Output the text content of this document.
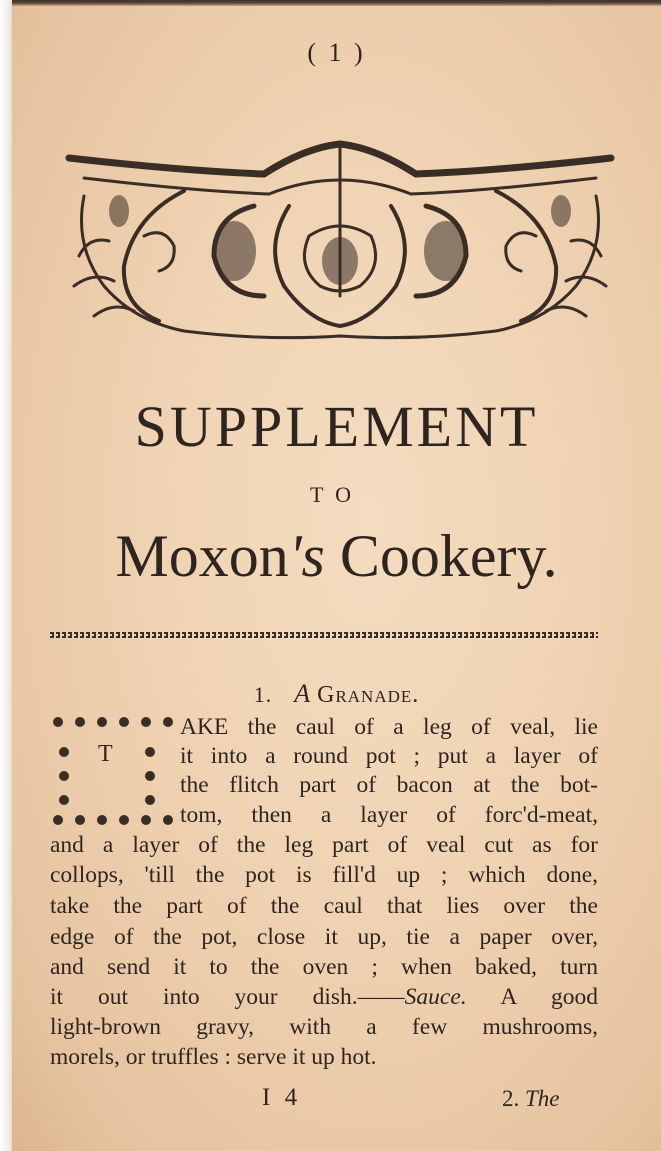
( 1 )
SUPPLEMENT
TO
Moxon's Cookery.
1. A Granade.
T
AKE the caul of a leg of veal, lie
it into a round pot ; put a layer of
the flitch part of bacon at the bot-
tom, then a layer of forc'd-meat,
and a layer of the leg part of veal cut as for
collops, 'till the pot is fill'd up ; which done,
take the part of the caul that lies over the
edge of the pot, close it up, tie a paper over,
and send it to the oven ; when baked, turn
it out into your dish.——Sauce. A good
light-brown gravy, with a few mushrooms,
morels, or truffles : serve it up hot.
I 4	2. The
